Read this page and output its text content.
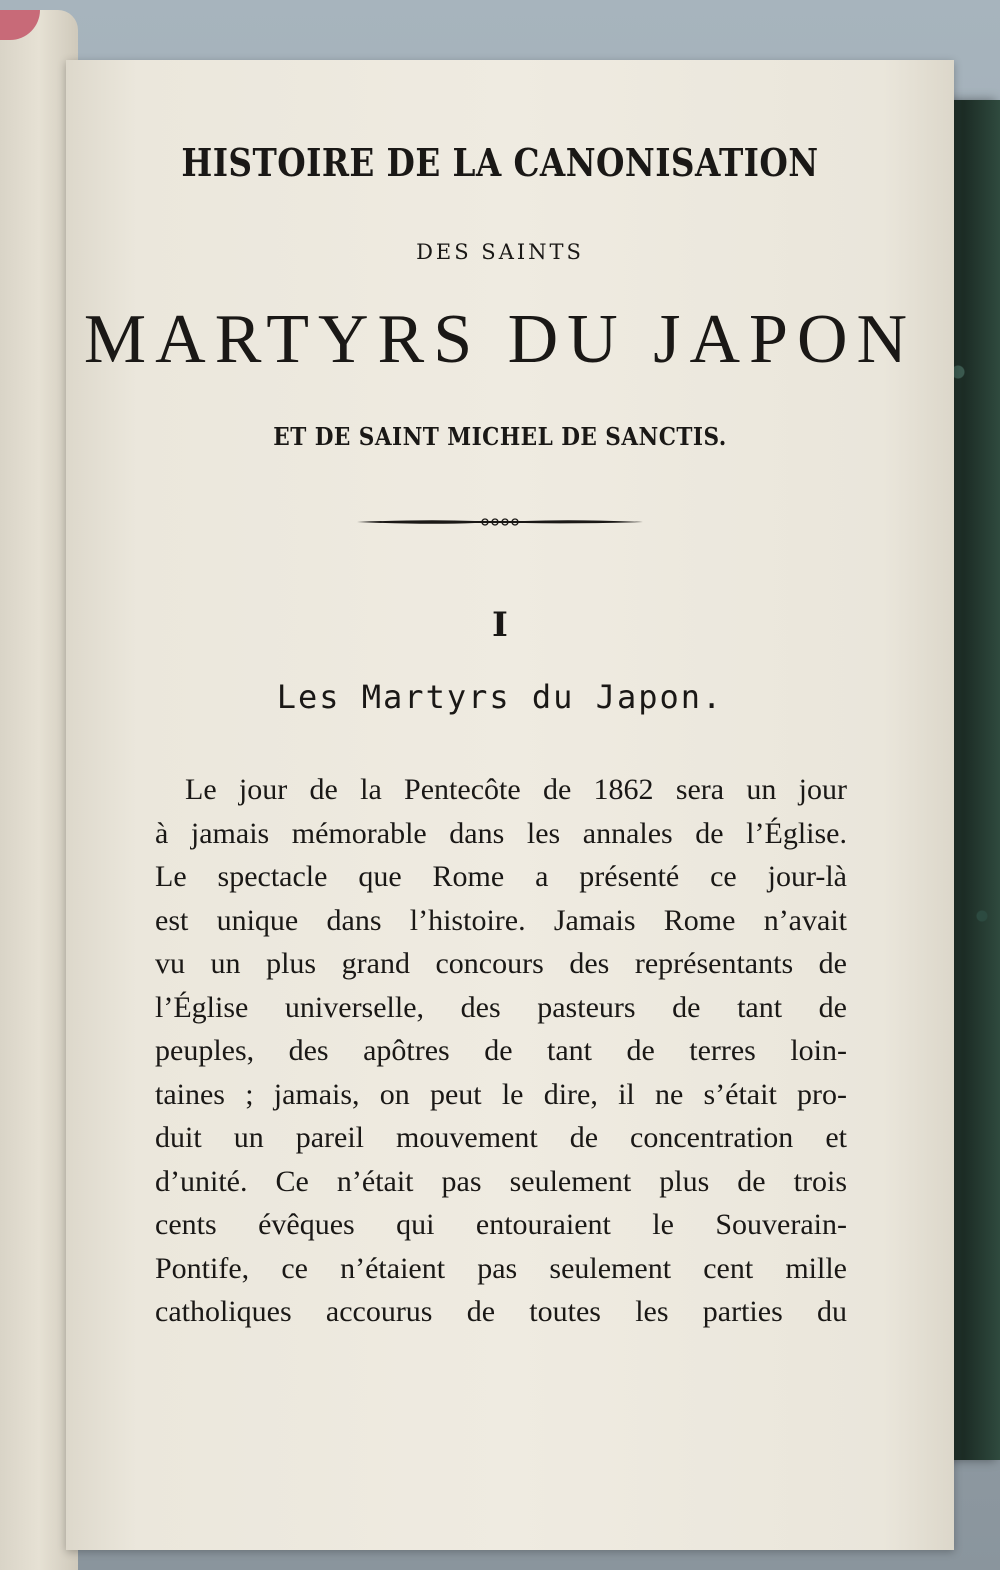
HISTOIRE DE LA CANONISATION
DES SAINTS
MARTYRS DU JAPON
ET DE SAINT MICHEL DE SANCTIS.
I
Les Martyrs du Japon.
Le jour de la Pentecôte de 1862 sera un jour
à jamais mémorable dans les annales de l’Église.
Le spectacle que Rome a présenté ce jour-là
est unique dans l’histoire. Jamais Rome n’avait
vu un plus grand concours des représentants de
l’Église universelle, des pasteurs de tant de
peuples, des apôtres de tant de terres loin-
taines ; jamais, on peut le dire, il ne s’était pro-
duit un pareil mouvement de concentration et
d’unité. Ce n’était pas seulement plus de trois
cents évêques qui entouraient le Souverain-
Pontife, ce n’étaient pas seulement cent mille
catholiques accourus de toutes les parties du
